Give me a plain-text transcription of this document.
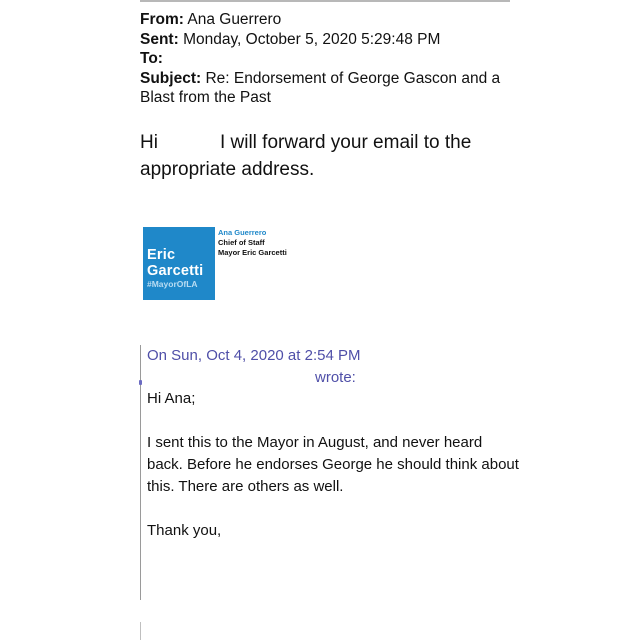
From: Ana Guerrero
Sent: Monday, October 5, 2020 5:29:48 PM
To:
Subject: Re: Endorsement of George Gascon and a Blast from the Past
Hi	I will forward your email to the
appropriate address.
Eric
Garcetti
#MayorOfLA
Ana Guerrero
Chief of Staff
Mayor Eric Garcetti
On Sun, Oct 4, 2020 at 2:54 PM
wrote:

Hi Ana;

I sent this to the Mayor in August, and never heard

back. Before he endorses George he should think about

this. There are others as well.

Thank you,
